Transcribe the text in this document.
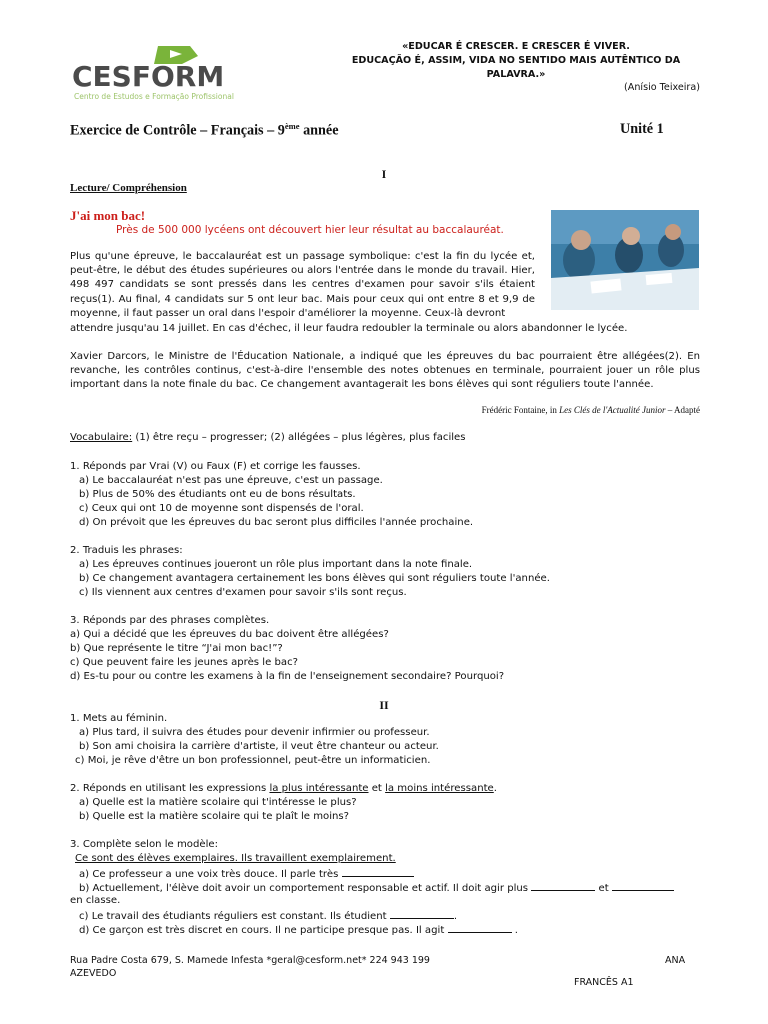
CESFORM
Centro de Estudos e Formação Profissional
«EDUCAR É CRESCER. E CRESCER É VIVER.
EDUCAÇÃO É, ASSIM, VIDA NO SENTIDO MAIS AUTÊNTICO DA
PALAVRA.»
(Anísio Teixeira)
Exercice de Contrôle – Français – 9ème année	Unité 1
I
Lecture/ Compréhension
J'ai mon bac!
Près de 500 000 lycéens ont découvert hier leur résultat au baccalauréat.
Plus qu'une épreuve, le baccalauréat est un passage symbolique: c'est la fin du lycée et, peut-être, le début des études supérieures ou alors l'entrée dans le monde du travail. Hier, 498 497 candidats se sont pressés dans les centres d'examen pour savoir s'ils étaient reçus(1). Au final, 4 candidats sur 5 ont leur bac. Mais pour ceux qui ont entre 8 et 9,9 de moyenne, il faut passer un oral dans l'espoir d'améliorer la moyenne. Ceux-là devront
attendre jusqu'au 14 juillet. En cas d'échec, il leur faudra redoubler la terminale ou alors abandonner le lycée.
Xavier Darcors, le Ministre de l'Éducation Nationale, a indiqué que les épreuves du bac pourraient être allégées(2). En revanche, les contrôles continus, c'est-à-dire l'ensemble des notes obtenues en terminale, pourraient jouer un rôle plus important dans la note finale du bac. Ce changement avantagerait les bons élèves qui sont réguliers toute l'année.
Frédéric Fontaine, in Les Clés de l'Actualité Junior – Adapté
Vocabulaire: (1) être reçu – progresser; (2) allégées – plus légères, plus faciles
1. Réponds par Vrai (V) ou Faux (F) et corrige les fausses.
a) Le baccalauréat n'est pas une épreuve, c'est un passage.
b) Plus de 50% des étudiants ont eu de bons résultats.
c) Ceux qui ont 10 de moyenne sont dispensés de l'oral.
d) On prévoit que les épreuves du bac seront plus difficiles l'année prochaine.
2. Traduis les phrases:
a) Les épreuves continues joueront un rôle plus important dans la note finale.
b) Ce changement avantagera certainement les bons élèves qui sont réguliers toute l'année.
c) Ils viennent aux centres d'examen pour savoir s'ils sont reçus.
3. Réponds par des phrases complètes.
a) Qui a décidé que les épreuves du bac doivent être allégées?
b) Que représente le titre “J'ai mon bac!”?
c) Que peuvent faire les jeunes après le bac?
d) Es-tu pour ou contre les examens à la fin de l'enseignement secondaire? Pourquoi?
II
1. Mets au féminin.
a) Plus tard, il suivra des études pour devenir infirmier ou professeur.
b) Son ami choisira la carrière d'artiste, il veut être chanteur ou acteur.
c) Moi, je rêve d'être un bon professionnel, peut-être un informaticien.
2. Réponds en utilisant les expressions la plus intéressante et la moins intéressante.
a) Quelle est la matière scolaire qui t'intéresse le plus?
b) Quelle est la matière scolaire qui te plaît le moins?
3. Complète selon le modèle:
Ce sont des élèves exemplaires. Ils travaillent exemplairement.
a) Ce professeur a une voix très douce. Il parle très
b) Actuellement, l'élève doit avoir un comportement responsable et actif. Il doit agir plus	et
en classe.
c) Le travail des étudiants réguliers est constant. Ils étudient	.
d) Ce garçon est très discret en cours. Il ne participe presque pas. Il agit	.
Rua Padre Costa 679, S. Mamede Infesta *geral@cesform.net* 224 943 199	ANA
AZEVEDO
FRANCÊS A1
